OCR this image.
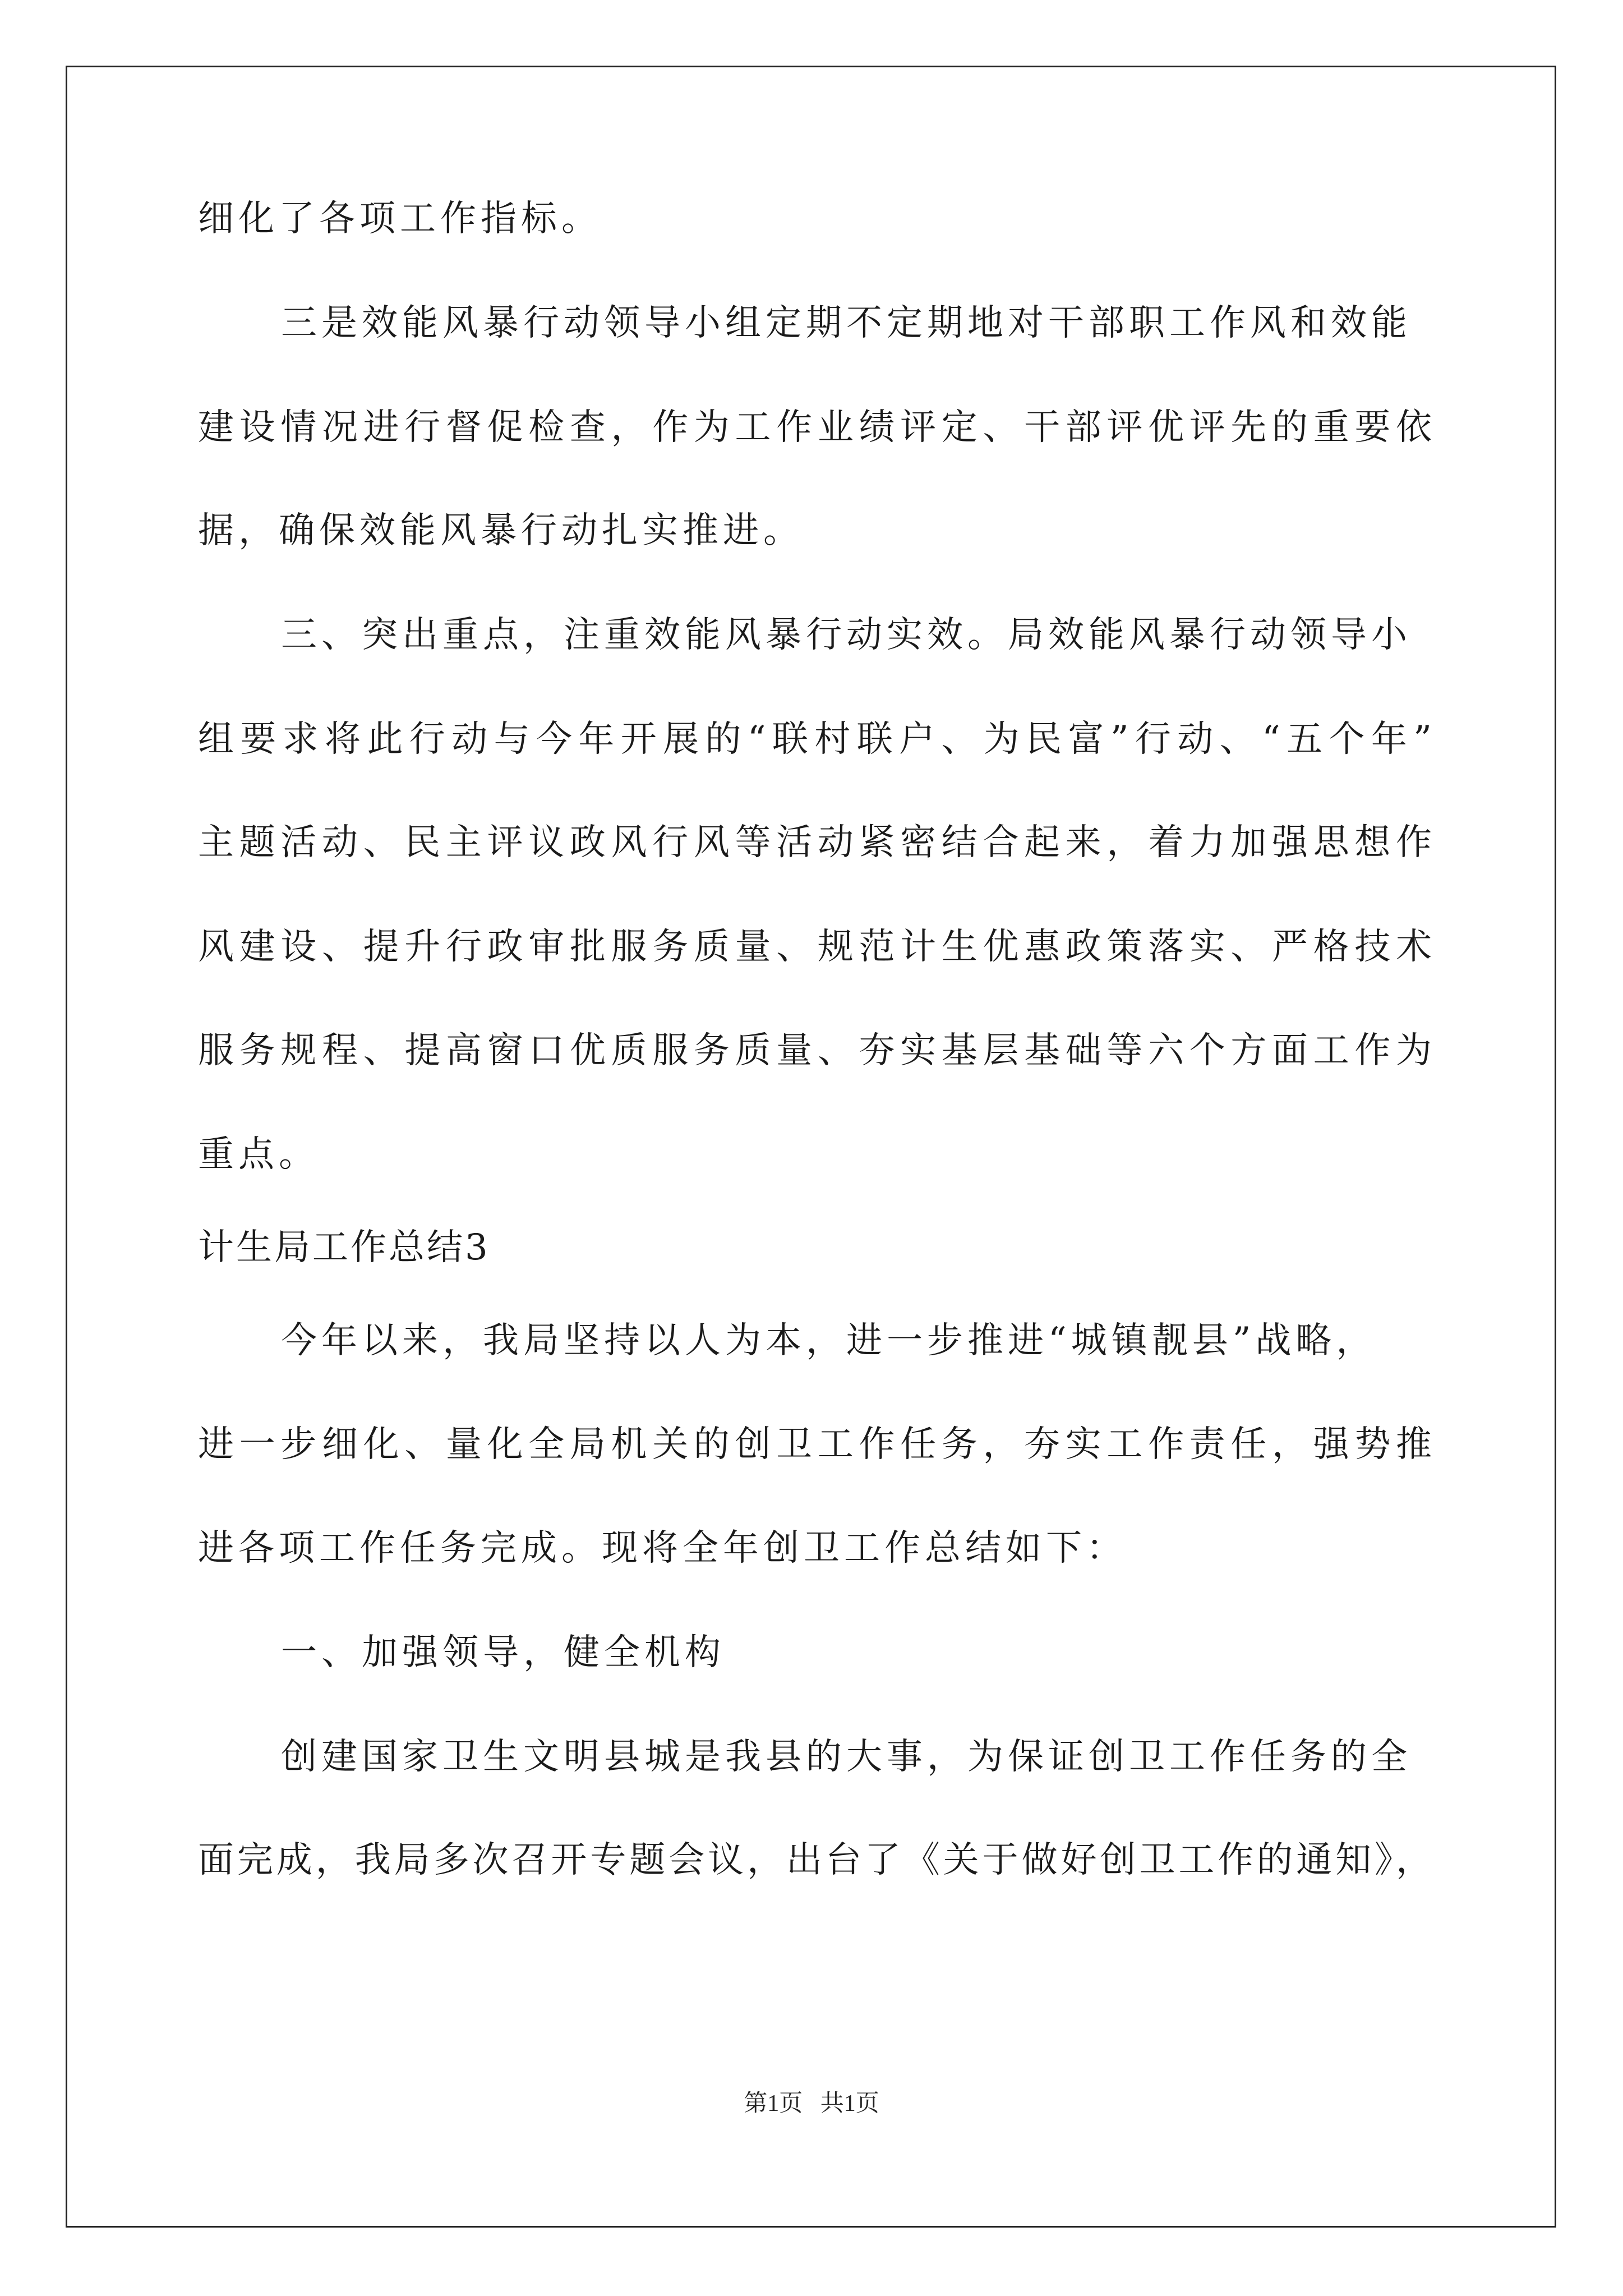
细化了各项工作指标。
三是效能风暴行动领导小组定期不定期地对干部职工作风和效能
建设情况进行督促检查，作为工作业绩评定、干部评优评先的重要依
据，确保效能风暴行动扎实推进。
三、突出重点，注重效能风暴行动实效。局效能风暴行动领导小
组要求将此行动与今年开展的“联村联户、为民富”行动、“五个年”
主题活动、民主评议政风行风等活动紧密结合起来，着力加强思想作
风建设、提升行政审批服务质量、规范计生优惠政策落实、严格技术
服务规程、提高窗口优质服务质量、夯实基层基础等六个方面工作为
重点。
计生局工作总结3
今年以来，我局坚持以人为本，进一步推进“城镇靓县”战略，
进一步细化、量化全局机关的创卫工作任务，夯实工作责任，强势推
进各项工作任务完成。现将全年创卫工作总结如下：
一、加强领导，健全机构
创建国家卫生文明县城是我县的大事，为保证创卫工作任务的全
面完成，我局多次召开专题会议，出台了《关于做好创卫工作的通知》，
第1页   共1页
